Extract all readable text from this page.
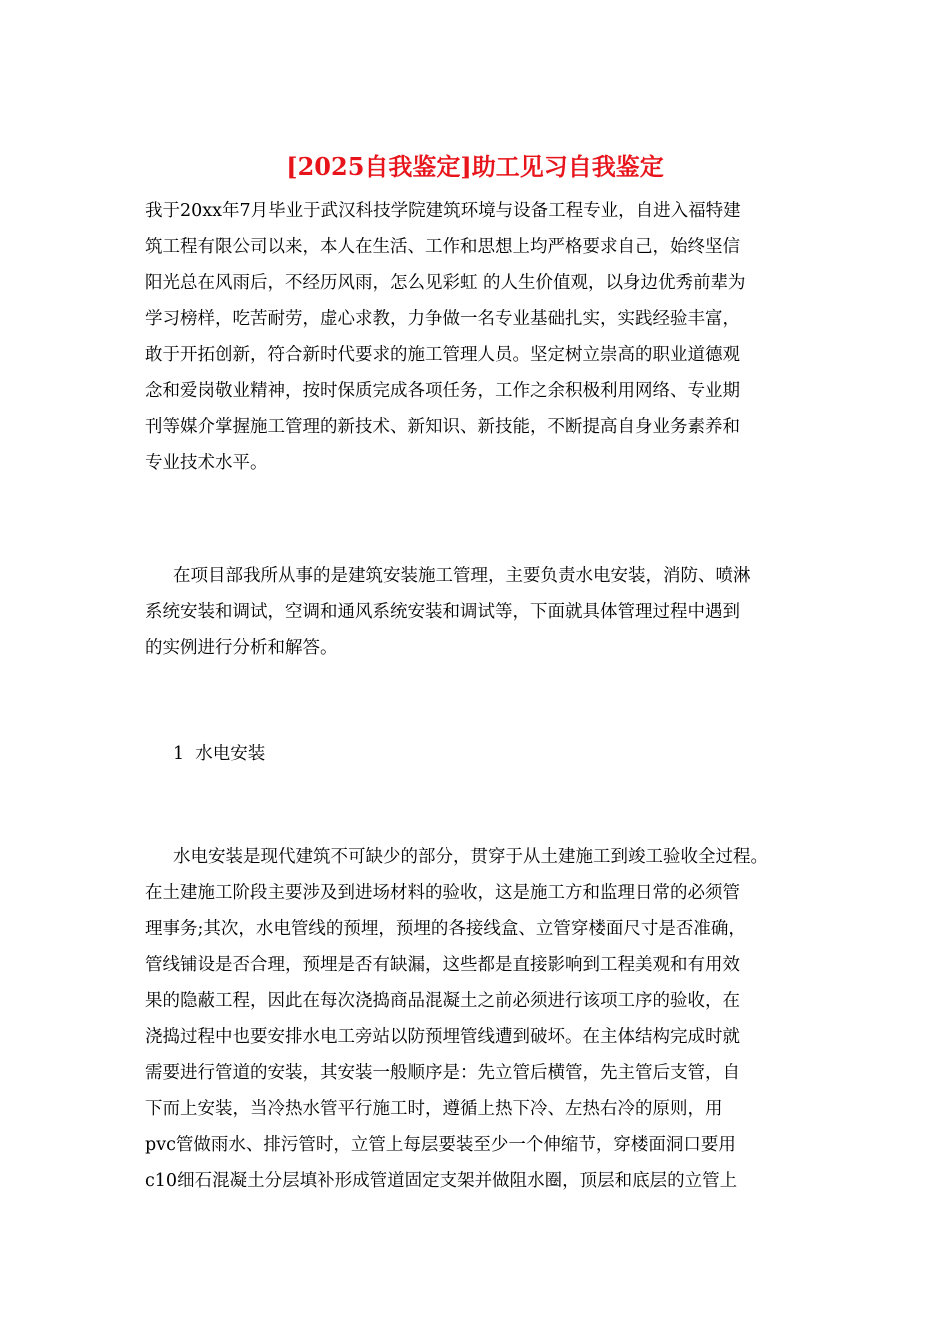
[2025自我鉴定]助工见习自我鉴定
我于20xx年7月毕业于武汉科技学院建筑环境与设备工程专业，自进入福特建
筑工程有限公司以来，本人在生活、工作和思想上均严格要求自己，始终坚信
阳光总在风雨后，不经历风雨，怎么见彩虹 的人生价值观，以身边优秀前辈为
学习榜样，吃苦耐劳，虚心求教，力争做一名专业基础扎实，实践经验丰富，
敢于开拓创新，符合新时代要求的施工管理人员。坚定树立崇高的职业道德观
念和爱岗敬业精神，按时保质完成各项任务，工作之余积极利用网络、专业期
刊等媒介掌握施工管理的新技术、新知识、新技能，不断提高自身业务素养和
专业技术水平。
在项目部我所从事的是建筑安装施工管理，主要负责水电安装，消防、喷淋
系统安装和调试，空调和通风系统安装和调试等，下面就具体管理过程中遇到
的实例进行分析和解答。
1  水电安装
水电安装是现代建筑不可缺少的部分，贯穿于从土建施工到竣工验收全过程。
在土建施工阶段主要涉及到进场材料的验收，这是施工方和监理日常的必须管
理事务;其次，水电管线的预埋，预埋的各接线盒、立管穿楼面尺寸是否准确，
管线铺设是否合理，预埋是否有缺漏，这些都是直接影响到工程美观和有用效
果的隐蔽工程，因此在每次浇捣商品混凝土之前必须进行该项工序的验收，在
浇捣过程中也要安排水电工旁站以防预埋管线遭到破坏。在主体结构完成时就
需要进行管道的安装，其安装一般顺序是：先立管后横管，先主管后支管，自
下而上安装，当冷热水管平行施工时，遵循上热下冷、左热右冷的原则，用
pvc管做雨水、排污管时，立管上每层要装至少一个伸缩节，穿楼面洞口要用
c10细石混凝土分层填补形成管道固定支架并做阻水圈，顶层和底层的立管上
